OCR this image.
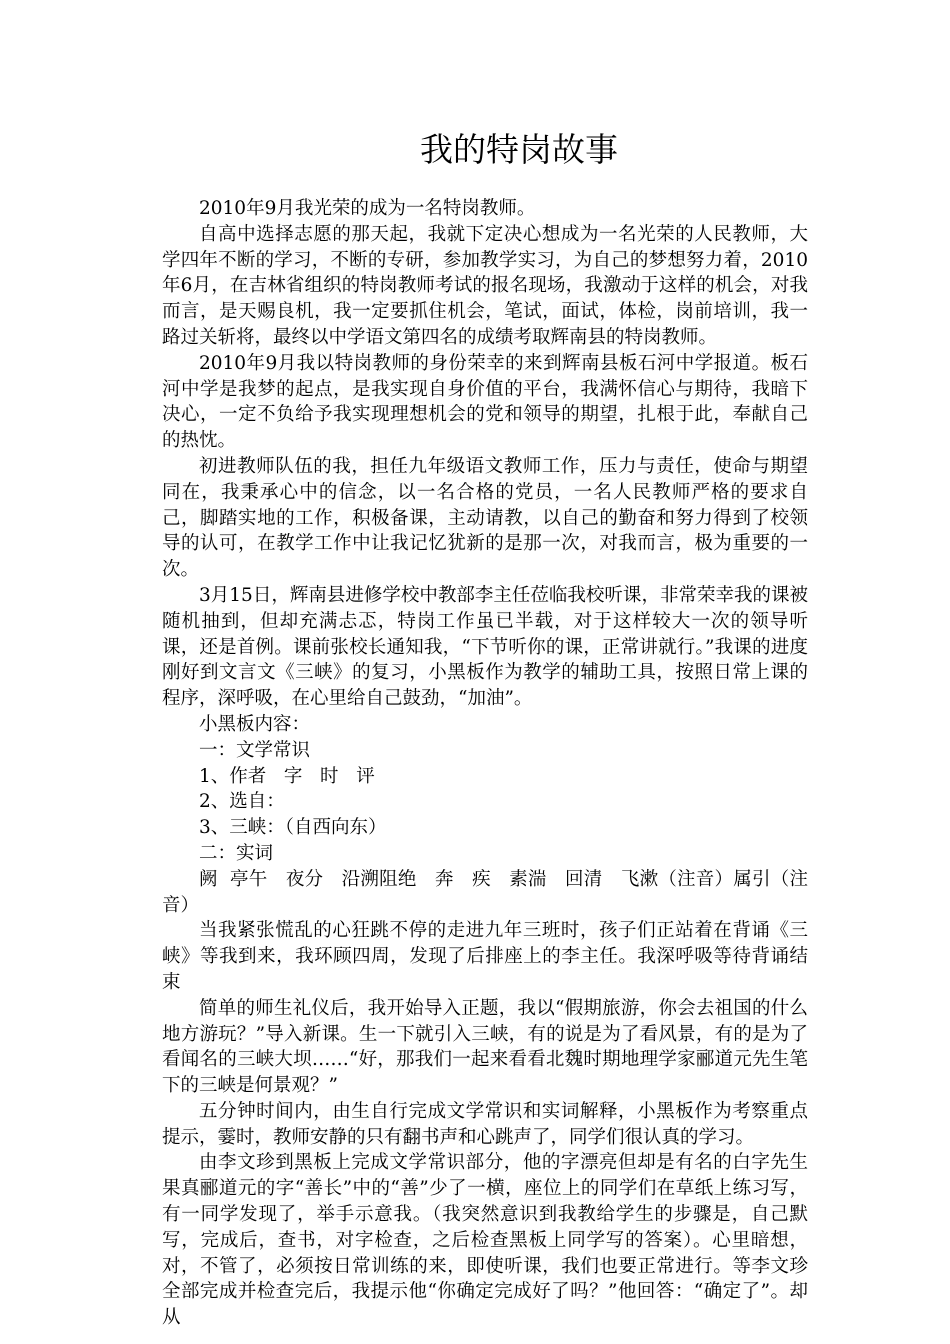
我的特岗故事

2010年9月我光荣的成为一名特岗教师。

自高中选择志愿的那天起，我就下定决心想成为一名光荣的人民教师，大学四年不断的学习，不断的专研，参加教学实习，为自己的梦想努力着，2010年6月，在吉林省组织的特岗教师考试的报名现场，我激动于这样的机会，对我而言，是天赐良机，我一定要抓住机会，笔试，面试，体检，岗前培训，我一路过关斩将，最终以中学语文第四名的成绩考取辉南县的特岗教师。

2010年9月我以特岗教师的身份荣幸的来到辉南县板石河中学报道。板石河中学是我梦的起点，是我实现自身价值的平台，我满怀信心与期待，我暗下决心，一定不负给予我实现理想机会的党和领导的期望，扎根于此，奉献自己的热忱。

初进教师队伍的我，担任九年级语文教师工作，压力与责任，使命与期望同在，我秉承心中的信念，以一名合格的党员，一名人民教师严格的要求自己，脚踏实地的工作，积极备课，主动请教，以自己的勤奋和努力得到了校领导的认可，在教学工作中让我记忆犹新的是那一次，对我而言，极为重要的一次。

3月15日，辉南县进修学校中教部李主任莅临我校听课，非常荣幸我的课被随机抽到，但却充满忐忑，特岗工作虽已半载，对于这样较大一次的领导听课，还是首例。课前张校长通知我，“下节听你的课，正常讲就行。”我课的进度刚好到文言文《三峡》的复习，小黑板作为教学的辅助工具，按照日常上课的程序，深呼吸，在心里给自己鼓劲，“加油”。

小黑板内容：

一：文学常识

1、作者   字   时   评

2、选自：

3、三峡：（自西向东）

二：实词

阙  亭午   夜分   沿溯阻绝   奔   疾   素湍   回清   飞漱（注音）属引（注音）

当我紧张慌乱的心狂跳不停的走进九年三班时，孩子们正站着在背诵《三峡》等我到来，我环顾四周，发现了后排座上的李主任。我深呼吸等待背诵结束

简单的师生礼仪后，我开始导入正题，我以“假期旅游，你会去祖国的什么地方游玩？”导入新课。生一下就引入三峡，有的说是为了看风景，有的是为了看闻名的三峡大坝……“好，那我们一起来看看北魏时期地理学家郦道元先生笔下的三峡是何景观？”

五分钟时间内，由生自行完成文学常识和实词解释，小黑板作为考察重点提示，霎时，教师安静的只有翻书声和心跳声了，同学们很认真的学习。

由李文珍到黑板上完成文学常识部分，他的字漂亮但却是有名的白字先生果真郦道元的字“善长”中的“善”少了一横，座位上的同学们在草纸上练习写，有一同学发现了，举手示意我。（我突然意识到我教给学生的步骤是，自己默写，完成后，查书，对字检查，之后检查黑板上同学写的答案）。心里暗想，对，不管了，必须按日常训练的来，即使听课，我们也要正常进行。等李文珍全部完成并检查完后，我提示他“你确定完成好了吗？”他回答：“确定了”。却从
